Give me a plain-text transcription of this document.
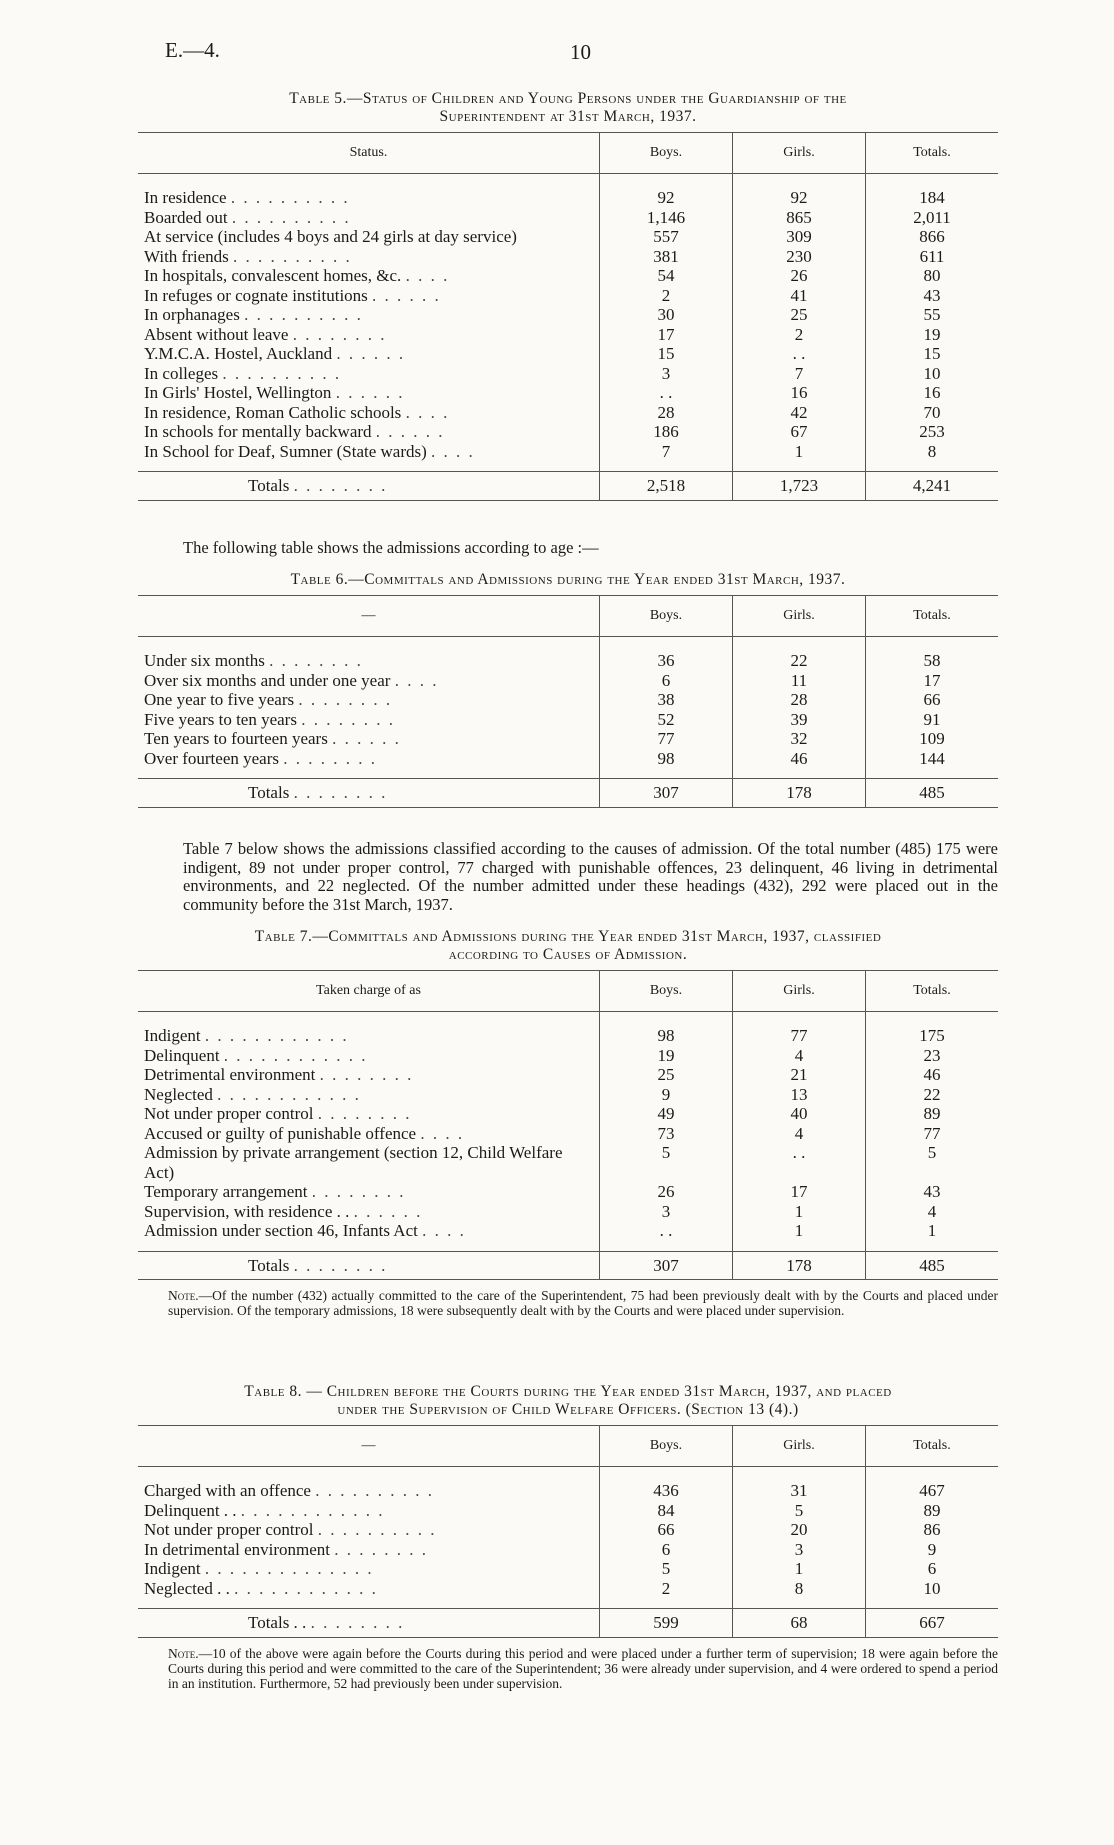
E.—4.	10
Table 5.—Status of Children and Young Persons under the Guardianship of the
Superintendent at 31st March, 1937.
Status.	Boys.	Girls.	Totals.
In residence . . . . . . . . . .	92	92	184
Boarded out . . . . . . . . . .	1,146	865	2,011
At service (includes 4 boys and 24 girls at day service)	557	309	866
With friends . . . . . . . . . .	381	230	611
In hospitals, convalescent homes, &c. . . . .	54	26	80
In refuges or cognate institutions . . . . . .	2	41	43
In orphanages . . . . . . . . . .	30	25	55
Absent without leave . . . . . . . .	17	2	19
Y.M.C.A. Hostel, Auckland . . . . . .	15	. .	15
In colleges . . . . . . . . . .	3	7	10
In Girls' Hostel, Wellington . . . . . .	. .	16	16
In residence, Roman Catholic schools . . . .	28	42	70
In schools for mentally backward . . . . . .	186	67	253
In School for Deaf, Sumner (State wards) . . . .	7	1	8
Totals . . . . . . . .	2,518	1,723	4,241
The following table shows the admissions according to age :—
Table 6.—Committals and Admissions during the Year ended 31st March, 1937.
—	Boys.	Girls.	Totals.
Under six months . . . . . . . .	36	22	58
Over six months and under one year . . . .	6	11	17
One year to five years . . . . . . . .	38	28	66
Five years to ten years . . . . . . . .	52	39	91
Ten years to fourteen years . . . . . .	77	32	109
Over fourteen years . . . . . . . .	98	46	144
Totals . . . . . . . .	307	178	485
Table 7 below shows the admissions classified according to the causes of admission. Of the total number (485) 175 were indigent, 89 not under proper control, 77 charged with punishable offences, 23 delinquent, 46 living in detrimental environments, and 22 neglected. Of the number admitted under these headings (432), 292 were placed out in the community before the 31st March, 1937.
Table 7.—Committals and Admissions during the Year ended 31st March, 1937, classified
according to Causes of Admission.
Taken charge of as	Boys.	Girls.	Totals.
Indigent . . . . . . . . . . . .	98	77	175
Delinquent . . . . . . . . . . . .	19	4	23
Detrimental environment . . . . . . . .	25	21	46
Neglected . . . . . . . . . . . .	9	13	22
Not under proper control . . . . . . . .	49	40	89
Accused or guilty of punishable offence . . . .	73	4	77
Admission by private arrangement (section 12, Child Welfare Act)	5	. .	5
Temporary arrangement . . . . . . . .	26	17	43
Supervision, with residence . . . . . . . .	3	1	4
Admission under section 46, Infants Act . . . .	. .	1	1
Totals . . . . . . . .	307	178	485
Note.—Of the number (432) actually committed to the care of the Superintendent, 75 had been previously dealt with by the Courts and placed under supervision. Of the temporary admissions, 18 were subsequently dealt with by the Courts and were placed under supervision.
Table 8. — Children before the Courts during the Year ended 31st March, 1937, and placed
under the Supervision of Child Welfare Officers. (Section 13 (4).)
—	Boys.	Girls.	Totals.
Charged with an offence . . . . . . . . . .	436	31	467
Delinquent . . . . . . . . . . . . . .	84	5	89
Not under proper control . . . . . . . . . .	66	20	86
In detrimental environment . . . . . . . .	6	3	9
Indigent . . . . . . . . . . . . . .	5	1	6
Neglected . . . . . . . . . . . . . .	2	8	10
Totals . . . . . . . . . .	599	68	667
Note.—10 of the above were again before the Courts during this period and were placed under a further term of supervision; 18 were again before the Courts during this period and were committed to the care of the Superintendent; 36 were already under supervision, and 4 were ordered to spend a period in an institution. Furthermore, 52 had previously been under supervision.
